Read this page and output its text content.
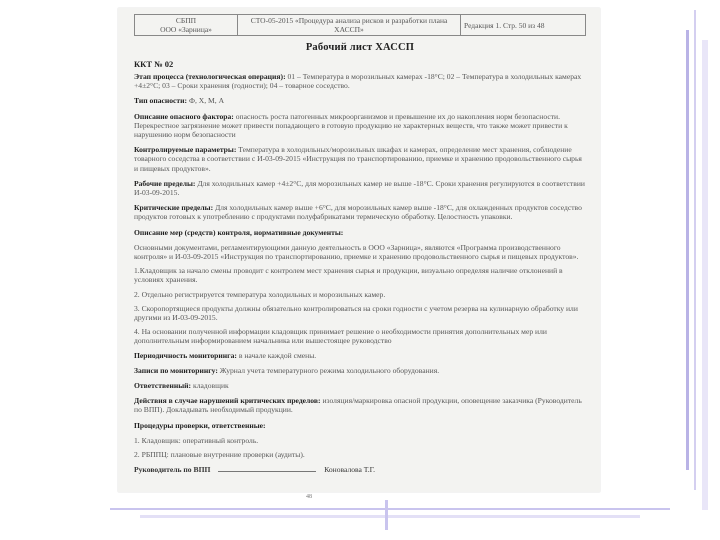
СБПП
ООО «Зарница»
	СТО-05-2015 «Процедура анализа рисков и разработки плана ХАССП»	Редакция 1. Стр. 50 из 48
Рабочий лист ХАССП
ККТ № 02
Этап процесса (технологическая операция): 01 – Температура в морозильных камерах -18°С; 02 – Температура в холодильных камерах +4±2°С; 03 – Сроки хранения (годности); 04 – товарное соседство.
Тип опасности: Ф, Х, М, А
Описание опасного фактора: опасность роста патогенных микроорганизмов и превышение их до накопления норм безопасности. Перекрестное загрязнение может привести попадающего в готовую продукцию не характерных веществ, что также может привести к нарушению норм безопасности
Контролируемые параметры: Температура в холодильных/морозильных шкафах и камерах, определение мест хранения, соблюдение товарного соседства в соответствии с И-03-09-2015 «Инструкция по транспортированию, приемке и хранению продовольственного сырья и пищевых продуктов».
Рабочие пределы: Для холодильных камер +4±2°С, для морозильных камер не выше -18°С. Сроки хранения регулируются в соответствии И-03-09-2015.
Критические пределы: Для холодильных камер выше +6°С, для морозильных камер выше -18°С, для охлажденных продуктов соседство продуктов готовых к употреблению с продуктами полуфабрикатами термическую обработку. Целостность упаковки.
Описание мер (средств) контроля, нормативные документы:
Основными документами, регламентирующими данную деятельность в ООО «Зарница», являются «Программа производственного контроля» и И-03-09-2015 «Инструкция по транспортированию, приемке и хранению продовольственного сырья и пищевых продуктов».
1.Кладовщик за начало смены проводит с контролем мест хранения сырья и продукции, визуально определяя наличие отклонений в условиях хранения.
2. Отдельно регистрируется температура холодильных и морозильных камер.
3. Скоропортящиеся продукты должны обязательно контролироваться на сроки годности с учетом резерва на кулинарную обработку или другими из И-03-09-2015.
4. На основании полученной информации кладовщик принимает решение о необходимости принятия дополнительных мер или дополнительным информированием начальника или вышестоящее руководство
Периодичность мониторинга: в начале каждой смены.
Записи по мониторингу: Журнал учета температурного режима холодильного оборудования.
Ответственный: кладовщик
Действия в случае нарушений критических пределов: изоляция/маркировка опасной продукции, оповещение заказчика (Руководитель по ВПП). Докладывать необходимый продукции.
Процедуры проверки, ответственные:
1. Кладовщик: оперативный контроль.
2. РБППЦ: плановые внутренние проверки (аудиты).
Руководитель по ВПП	Коновалова Т.Г.
48
